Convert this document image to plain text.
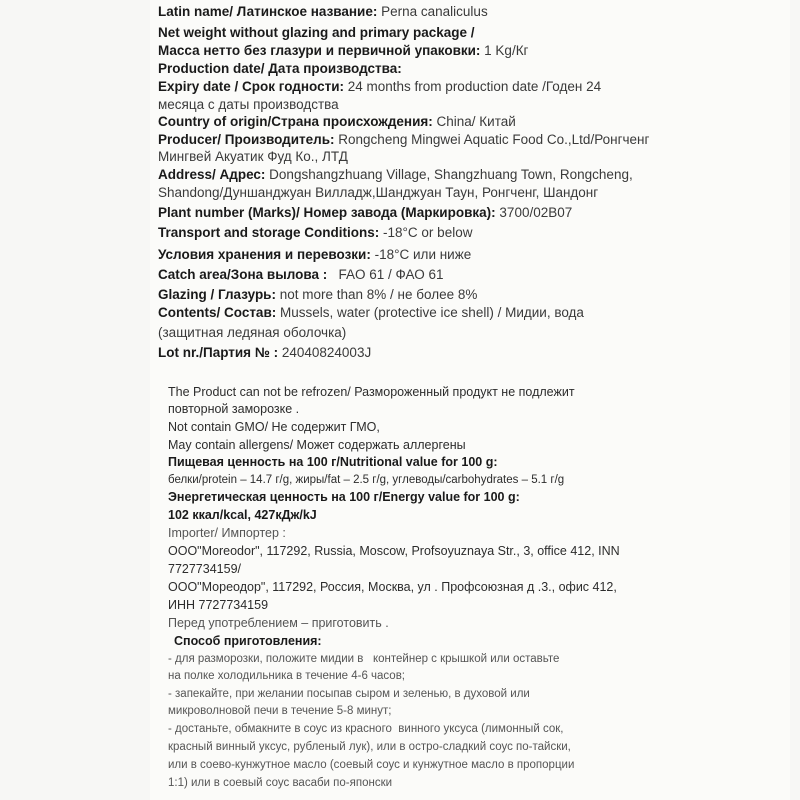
Latin name/ Латинское название: Perna canaliculus
Net weight without glazing and primary package /
Масса нетто без глазури и первичной упаковки: 1 Kg/Кг
Production date/ Дата производства:
Expiry date / Срок годности: 24 months from production date /Годен 24
месяца с даты производства
Country of origin/Страна происхождения: China/ Китай
Producer/ Производитель: Rongcheng Mingwei Aquatic Food Co.,Ltd/Ронгченг
Мингвей Акуатик Фуд Ко., ЛТД
Address/ Адрес: Dongshangzhuang Village, Shangzhuang Town, Rongcheng,
Shandong/Дуншанджуан Вилладж,Шанджуан Таун, Ронгченг, Шандонг
Plant number (Marks)/ Номер завода (Маркировка): 3700/02B07
Transport and storage Conditions: -18°C or below
Условия хранения и перевозки: -18°C или ниже
Catch area/Зона вылова :   FAO 61 / ФАО 61
Glazing / Глазурь: not more than 8% / не более 8%
Contents/ Состав: Mussels, water (protective ice shell) / Мидии, вода
(защитная ледяная оболочка)
Lot nr./Партия № : 24040824003J
The Product can not be refrozen/ Размороженный продукт не подлежит
повторной заморозке .
Not contain GMO/ Не содержит ГМО,
May contain allergens/ Может содержать аллергены
Пищевая ценность на 100 г/Nutritional value for 100 g:
белки/protein – 14.7 г/g, жиры/fat – 2.5 г/g, углеводы/carbohydrates – 5.1 г/g
Энергетическая ценность на 100 г/Energy value for 100 g:
102 ккал/kcal, 427кДж/kJ
Importer/ Импортер :
ООО"Moreodor", 117292, Russia, Moscow, Profsoyuznaya Str., 3, office 412, INN
7727734159/
ООО"Мореодор", 117292, Россия, Москва, ул . Профсоюзная д .3., офис 412,
ИНН 7727734159
Перед употреблением – приготовить .
Способ приготовления:
- для разморозки, положите мидии в   контейнер с крышкой или оставьте
на полке холодильника в течение 4-6 часов;
- запекайте, при желании посыпав сыром и зеленью, в духовой или
микроволновой печи в течение 5-8 минут;
- достаньте, обмакните в соус из красного  винного уксуса (лимонный сок,
красный винный уксус, рубленый лук), или в остро-сладкий соус по-тайски,
или в соево-кунжутное масло (соевый соус и кунжутное масло в пропорции
1:1) или в соевый соус васаби по-японски
